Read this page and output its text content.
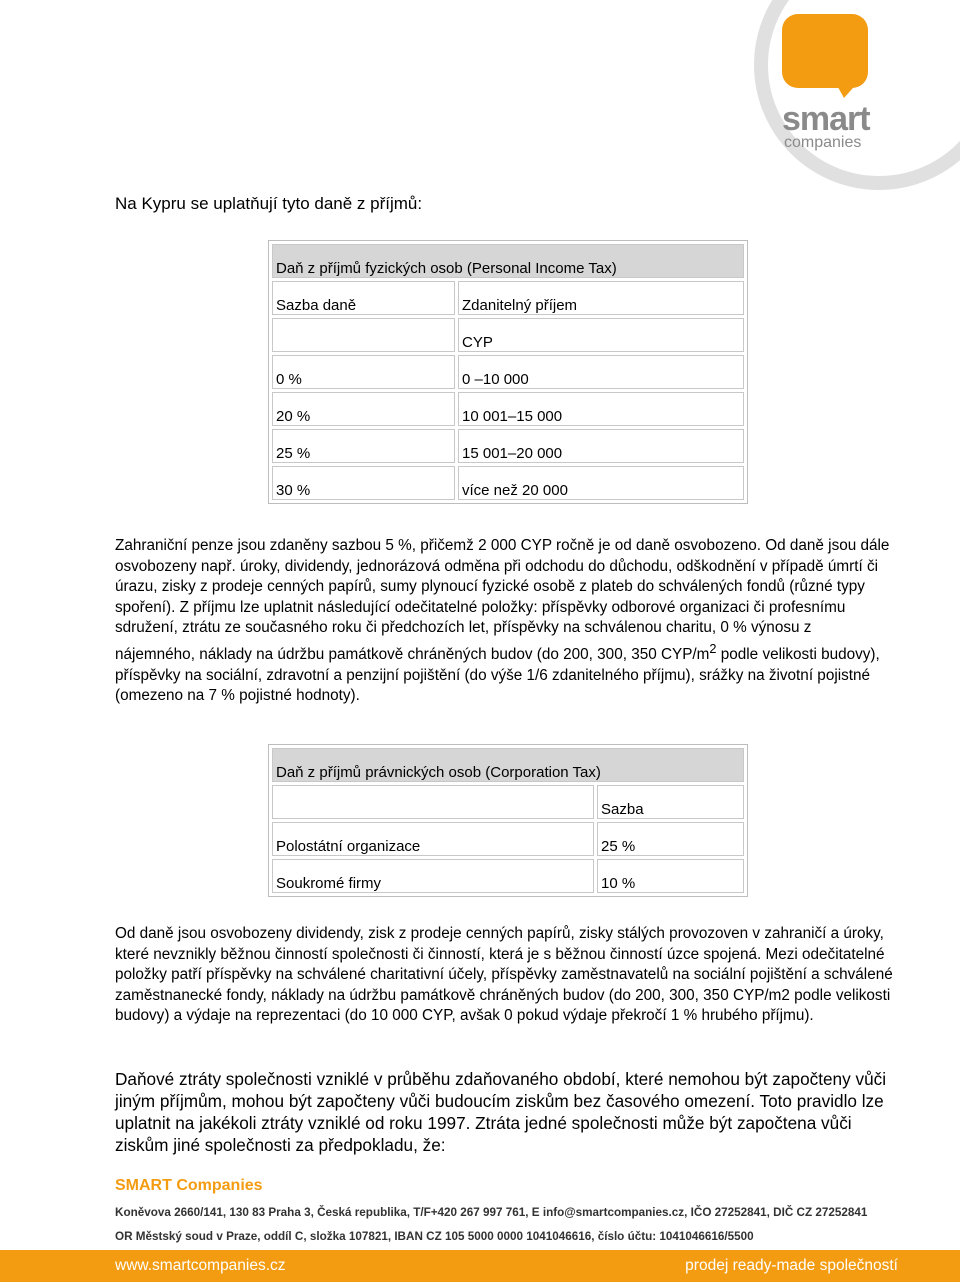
smart
companies
Na Kypru se uplatňují tyto daně z příjmů:
Daň z příjmů fyzických osob (Personal Income Tax)	
Sazba daně	Zdanitelný příjem
	CYP
0 %	0 –10 000
20 %	10 001–15 000
25 %	15 001–20 000
30 %	více než 20 000

Zahraniční penze jsou zdaněny sazbou 5 %, přičemž 2 000 CYP ročně je od daně osvobozeno. Od daně jsou dále osvobozeny např. úroky, dividendy, jednorázová odměna při odchodu do důchodu, odškodnění v případě úmrtí či úrazu, zisky z prodeje cenných papírů, sumy plynoucí fyzické osobě z plateb do schválených fondů (různé typy spoření). Z příjmu lze uplatnit následující odečitatelné položky: příspěvky odborové organizaci či profesnímu sdružení, ztrátu ze současného roku či předchozích let, příspěvky na schválenou charitu, 0 % výnosu z nájemného, náklady na údržbu památkově chráněných budov (do 200, 300, 350 CYP/$m^2$ podle velikosti budovy), příspěvky na sociální, zdravotní a penzijní pojištění (do výše 1/6 zdanitelného příjmu), srážky na životní pojistné (omezeno na 7 % pojistné hodnoty).

Daň z příjmů právnických osob (Corporation Tax)	
	Sazba
Polostátní organizace	25 %
Soukromé firmy	10 %

Od daně jsou osvobozeny dividendy, zisk z prodeje cenných papírů, zisky stálých provozoven v zahraničí a úroky, které nevznikly běžnou činností společnosti či činností, která je s běžnou činností úzce spojená. Mezi odečitatelné položky patří příspěvky na schválené charitativní účely, příspěvky zaměstnavatelů na sociální pojištění a schválené zaměstnanecké fondy, náklady na údržbu památkově chráněných budov (do 200, 300, 350 CYP/m2 podle velikosti budovy) a výdaje na reprezentaci (do 10 000 CYP, avšak 0 pokud výdaje překročí 1 % hrubého příjmu).

Daňové ztráty společnosti vzniklé v průběhu zdaňovaného období, které nemohou být započteny vůči jiným příjmům, mohou být započteny vůči budoucím ziskům bez časového omezení. Toto pravidlo lze uplatnit na jakékoli ztráty vzniklé od roku 1997. Ztráta jedné společnosti může být započtena vůči ziskům jiné společnosti za předpokladu, že:

SMART Companies
Koněvova 2660/141, 130 83 Praha 3, Česká republika, T/F+420 267 997 761, E info@smartcompanies.cz, IČO 27252841, DIČ CZ 27252841
OR Městský soud v Praze, oddíl C, složka 107821, IBAN CZ 105 5000 0000 1041046616, číslo účtu: 1041046616/5500
www.smartcompanies.cz	prodej ready-made společností
